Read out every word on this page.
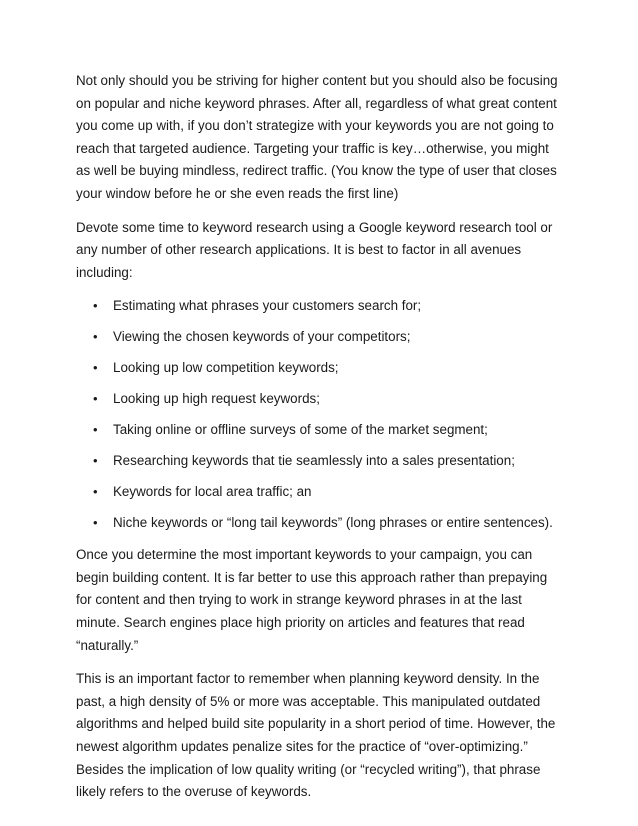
Not only should you be striving for higher content but you should also be focusing on popular and niche keyword phrases. After all, regardless of what great content you come up with, if you don’t strategize with your keywords you are not going to reach that targeted audience. Targeting your traffic is key…otherwise, you might as well be buying mindless, redirect traffic. (You know the type of user that closes your window before he or she even reads the first line)

Devote some time to keyword research using a Google keyword research tool or any number of other research applications. It is best to factor in all avenues including:

• Estimating what phrases your customers search for;
• Viewing the chosen keywords of your competitors;
• Looking up low competition keywords;
• Looking up high request keywords;
• Taking online or offline surveys of some of the market segment;
• Researching keywords that tie seamlessly into a sales presentation;
• Keywords for local area traffic; an
• Niche keywords or “long tail keywords” (long phrases or entire sentences).

Once you determine the most important keywords to your campaign, you can begin building content. It is far better to use this approach rather than prepaying for content and then trying to work in strange keyword phrases in at the last minute. Search engines place high priority on articles and features that read “naturally.”

This is an important factor to remember when planning keyword density. In the past, a high density of 5% or more was acceptable. This manipulated outdated algorithms and helped build site popularity in a short period of time. However, the newest algorithm updates penalize sites for the practice of “over-optimizing.” Besides the implication of low quality writing (or “recycled writing”), that phrase likely refers to the overuse of keywords.
